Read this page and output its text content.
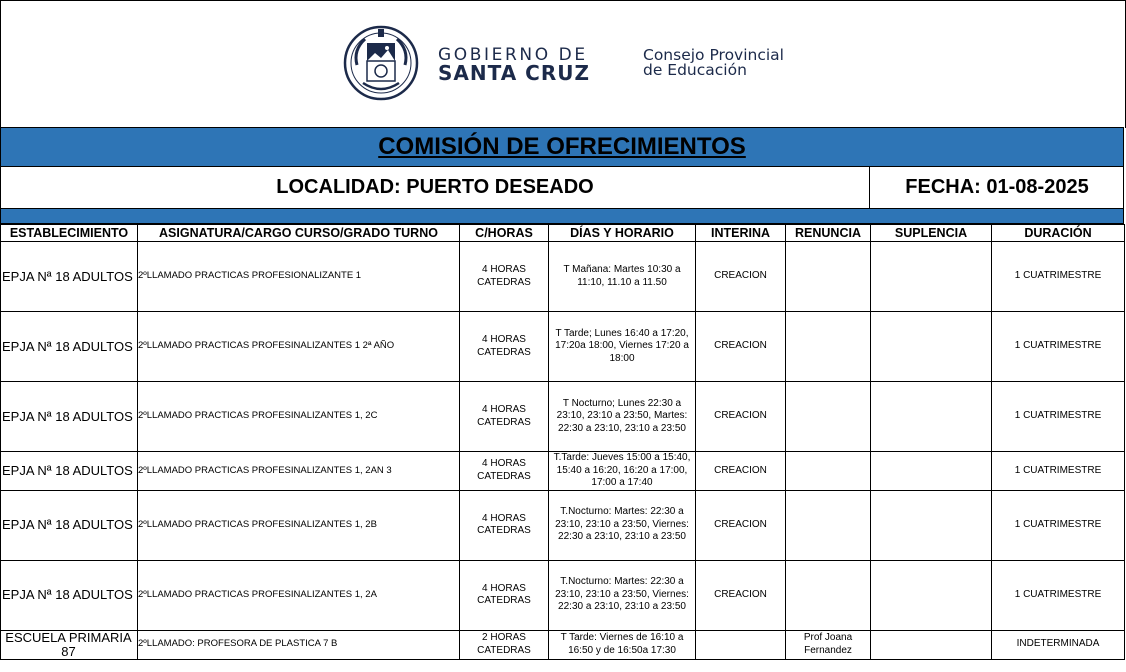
GOBIERNO DE
SANTA CRUZ
Consejo Provincial
de Educación
COMISIÓN DE OFRECIMIENTOS
LOCALIDAD: PUERTO DESEADO	FECHA: 01-08-2025
ESTABLECIMIENTO	ASIGNATURA/CARGO CURSO/GRADO TURNO	C/HORAS	DÍAS Y HORARIO	INTERINA	RENUNCIA	SUPLENCIA	DURACIÓN
EPJA Nª 18 ADULTOS	2ºLLAMADO PRACTICAS PROFESIONALIZANTE 1	4 HORAS CATEDRAS	T Mañana: Martes 10:30 a 11:10, 11.10 a 11.50	CREACION			1 CUATRIMESTRE
EPJA Nª 18 ADULTOS	2ºLLAMADO PRACTICAS PROFESINALIZANTES 1 2ª AÑO	4 HORAS CATEDRAS	T Tarde; Lunes 16:40 a 17:20, 17:20a 18:00, Viernes 17:20 a 18:00	CREACION			1 CUATRIMESTRE
EPJA Nª 18 ADULTOS	2ºLLAMADO PRACTICAS PROFESINALIZANTES 1, 2C	4 HORAS CATEDRAS	T Nocturno; Lunes 22:30 a 23:10, 23:10 a 23:50, Martes: 22:30 a 23:10, 23:10 a 23:50	CREACION			1 CUATRIMESTRE
EPJA Nª 18 ADULTOS	2ºLLAMADO PRACTICAS PROFESINALIZANTES 1, 2AN 3	4 HORAS CATEDRAS	T.Tarde: Jueves 15:00 a 15:40, 15:40 a 16:20, 16:20 a 17:00, 17:00 a 17:40	CREACION			1 CUATRIMESTRE
EPJA Nª 18 ADULTOS	2ºLLAMADO PRACTICAS PROFESINALIZANTES 1, 2B	4 HORAS CATEDRAS	T.Nocturno: Martes: 22:30 a 23:10, 23:10 a 23:50, Viernes: 22:30 a 23:10, 23:10 a 23:50	CREACION			1 CUATRIMESTRE
EPJA Nª 18 ADULTOS	2ºLLAMADO PRACTICAS PROFESINALIZANTES 1, 2A	4 HORAS CATEDRAS	T.Nocturno: Martes: 22:30 a 23:10, 23:10 a 23:50, Viernes: 22:30 a 23:10, 23:10 a 23:50	CREACION			1 CUATRIMESTRE
ESCUELA PRIMARIA 87	2ºLLAMADO: PROFESORA DE PLASTICA 7 B	2 HORAS CATEDRAS	T Tarde: Viernes de 16:10 a 16:50 y de 16:50a 17:30		Prof Joana Fernandez		INDETERMINADA
